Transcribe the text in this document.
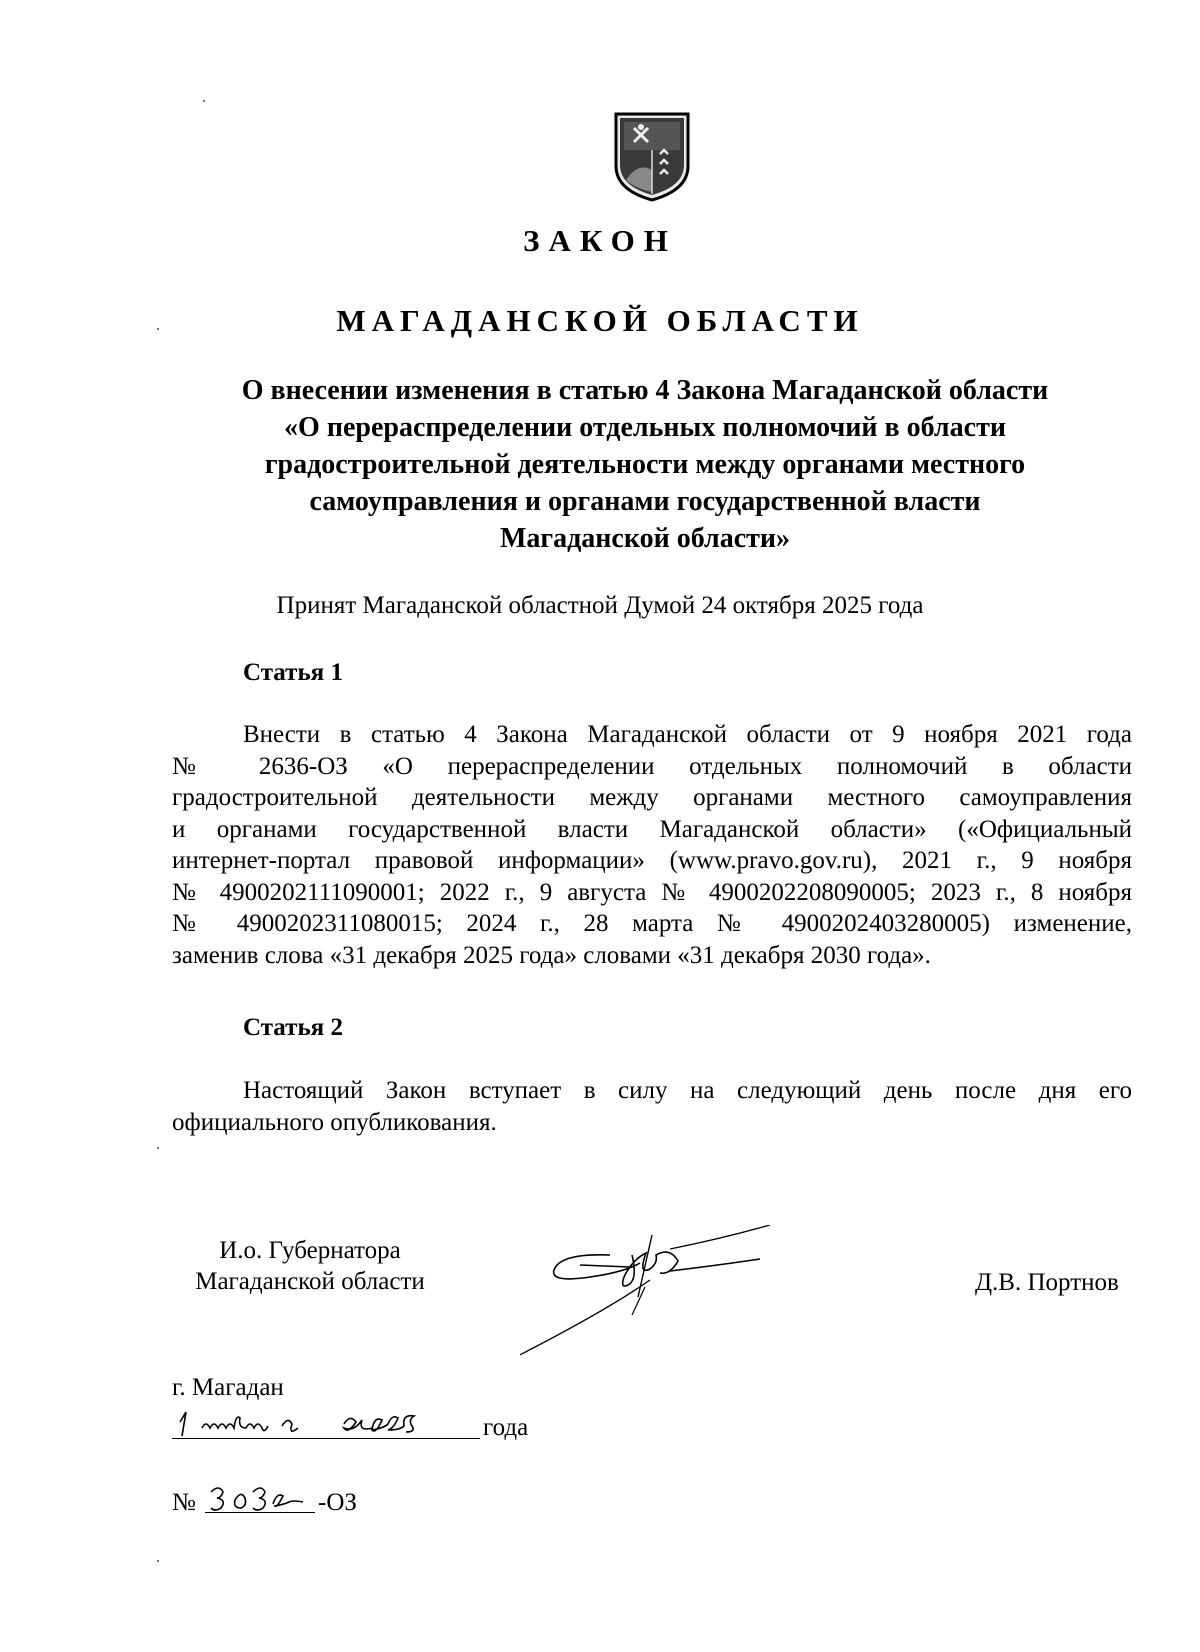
ЗАКОН
МАГАДАНСКОЙ ОБЛАСТИ
О внесении изменения в статью 4 Закона Магаданской области
«О перераспределении отдельных полномочий в области
градостроительной деятельности между органами местного
самоуправления и органами государственной власти
Магаданской области»
Принят Магаданской областной Думой 24 октября 2025 года
Статья 1
Внести в статью 4 Закона Магаданской области от 9 ноября 2021 года
№ 2636-ОЗ «О перераспределении отдельных полномочий в области
градостроительной деятельности между органами местного самоуправления
и органами государственной власти Магаданской области» («Официальный
интернет-портал правовой информации» (www.pravo.gov.ru), 2021 г., 9 ноября
№ 4900202111090001; 2022 г., 9 августа № 4900202208090005; 2023 г., 8 ноября
№ 4900202311080015; 2024 г., 28 марта № 4900202403280005) изменение,
заменив слова «31 декабря 2025 года» словами «31 декабря 2030 года».
Статья 2
Настоящий Закон вступает в силу на следующий день после дня его
официального опубликования.
И.о. Губернатора
Магаданской области	Д.В. Портнов
г. Магадан
года
№	-ОЗ
